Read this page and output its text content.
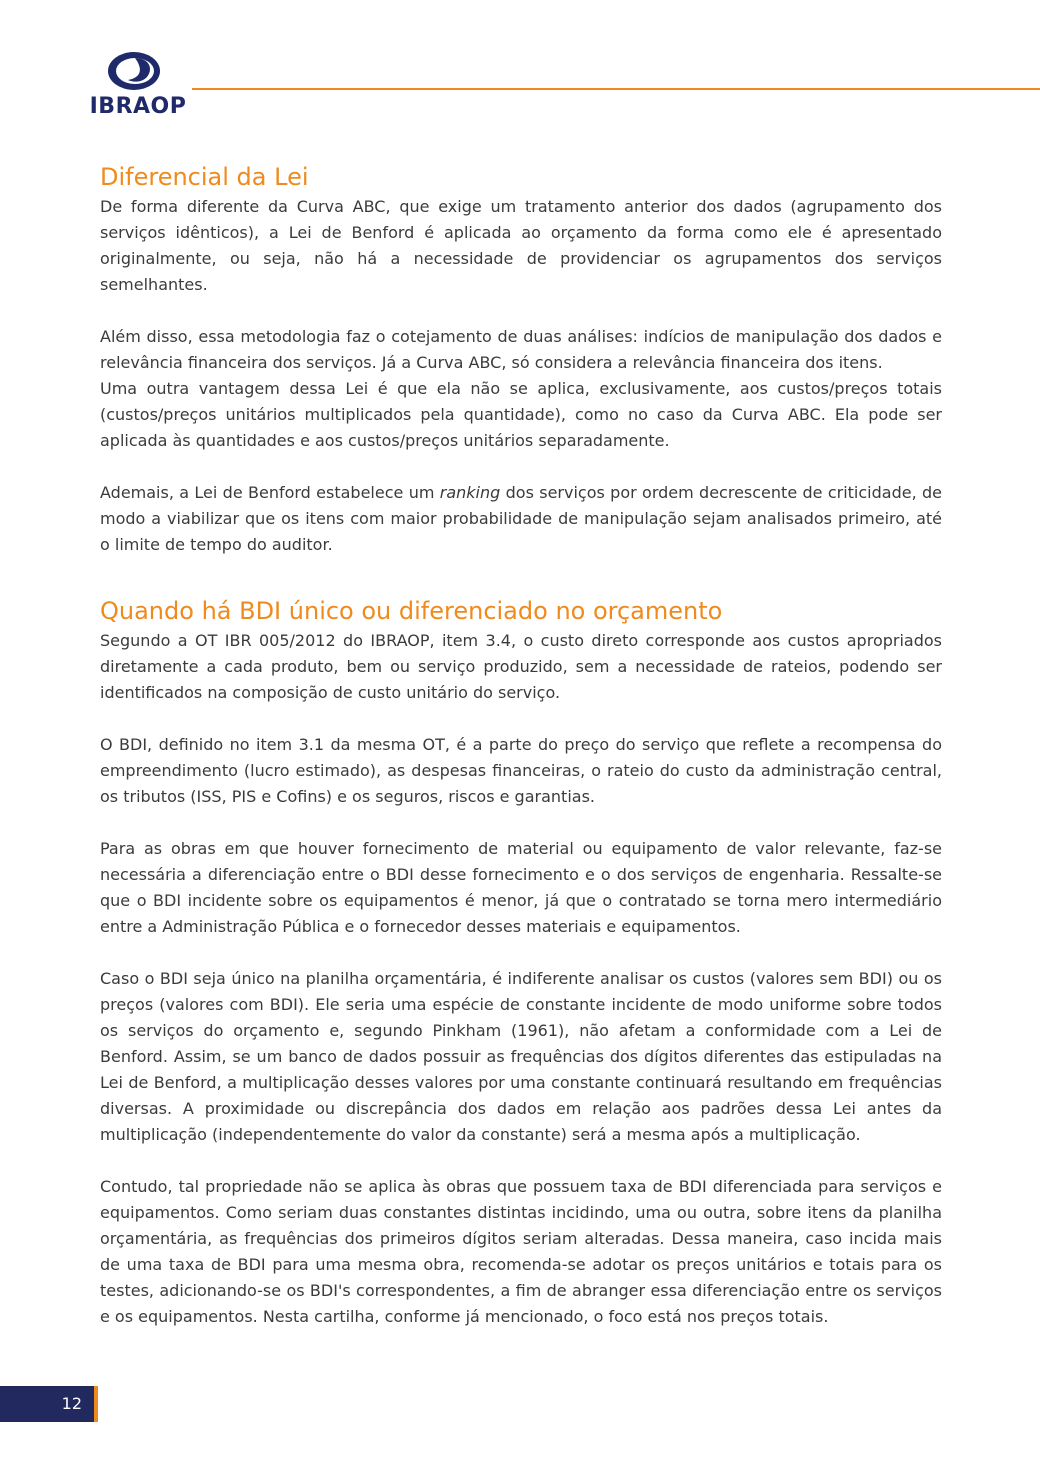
IBRAOP
Diferencial da Lei

De forma diferente da Curva ABC, que exige um tratamento anterior dos dados (agrupamento dos serviços idênticos), a Lei de Benford é aplicada ao orçamento da forma como ele é apresentado originalmente, ou seja, não há a necessidade de providenciar os agrupamentos dos serviços semelhantes.

Além disso, essa metodologia faz o cotejamento de duas análises: indícios de manipulação dos dados e relevância financeira dos serviços. Já a Curva ABC, só considera a relevância financeira dos itens.

Uma outra vantagem dessa Lei é que ela não se aplica, exclusivamente, aos custos/preços totais (custos/preços unitários multiplicados pela quantidade), como no caso da Curva ABC. Ela pode ser aplicada às quantidades e aos custos/preços unitários separadamente.

Ademais, a Lei de Benford estabelece um ranking dos serviços por ordem decrescente de criticidade, de modo a viabilizar que os itens com maior probabilidade de manipulação sejam analisados primeiro, até o limite de tempo do auditor.

Quando há BDI único ou diferenciado no orçamento

Segundo a OT IBR 005/2012 do IBRAOP, item 3.4, o custo direto corresponde aos custos apropriados diretamente a cada produto, bem ou serviço produzido, sem a necessidade de rateios, podendo ser identificados na composição de custo unitário do serviço.

O BDI, definido no item 3.1 da mesma OT, é a parte do preço do serviço que reflete a recompensa do empreendimento (lucro estimado), as despesas financeiras, o rateio do custo da administração central, os tributos (ISS, PIS e Cofins) e os seguros, riscos e garantias.

Para as obras em que houver fornecimento de material ou equipamento de valor relevante, faz-se necessária a diferenciação entre o BDI desse fornecimento e o dos serviços de engenharia. Ressalte-se que o BDI incidente sobre os equipamentos é menor, já que o contratado se torna mero intermediário entre a Administração Pública e o fornecedor desses materiais e equipamentos.

Caso o BDI seja único na planilha orçamentária, é indiferente analisar os custos (valores sem BDI) ou os preços (valores com BDI). Ele seria uma espécie de constante incidente de modo uniforme sobre todos os serviços do orçamento e, segundo Pinkham (1961), não afetam a conformidade com a Lei de Benford. Assim, se um banco de dados possuir as frequências dos dígitos diferentes das estipuladas na Lei de Benford, a multiplicação desses valores por uma constante continuará resultando em frequências diversas. A proximidade ou discrepância dos dados em relação aos padrões dessa Lei antes da multiplicação (independentemente do valor da constante) será a mesma após a multiplicação.

Contudo, tal propriedade não se aplica às obras que possuem taxa de BDI diferenciada para serviços e equipamentos. Como seriam duas constantes distintas incidindo, uma ou outra, sobre itens da planilha orçamentária, as frequências dos primeiros dígitos seriam alteradas. Dessa maneira, caso incida mais de uma taxa de BDI para uma mesma obra, recomenda-se adotar os preços unitários e totais para os testes, adicionando-se os BDI's correspondentes, a fim de abranger essa diferenciação entre os serviços e os equipamentos. Nesta cartilha, conforme já mencionado, o foco está nos preços totais.

12
